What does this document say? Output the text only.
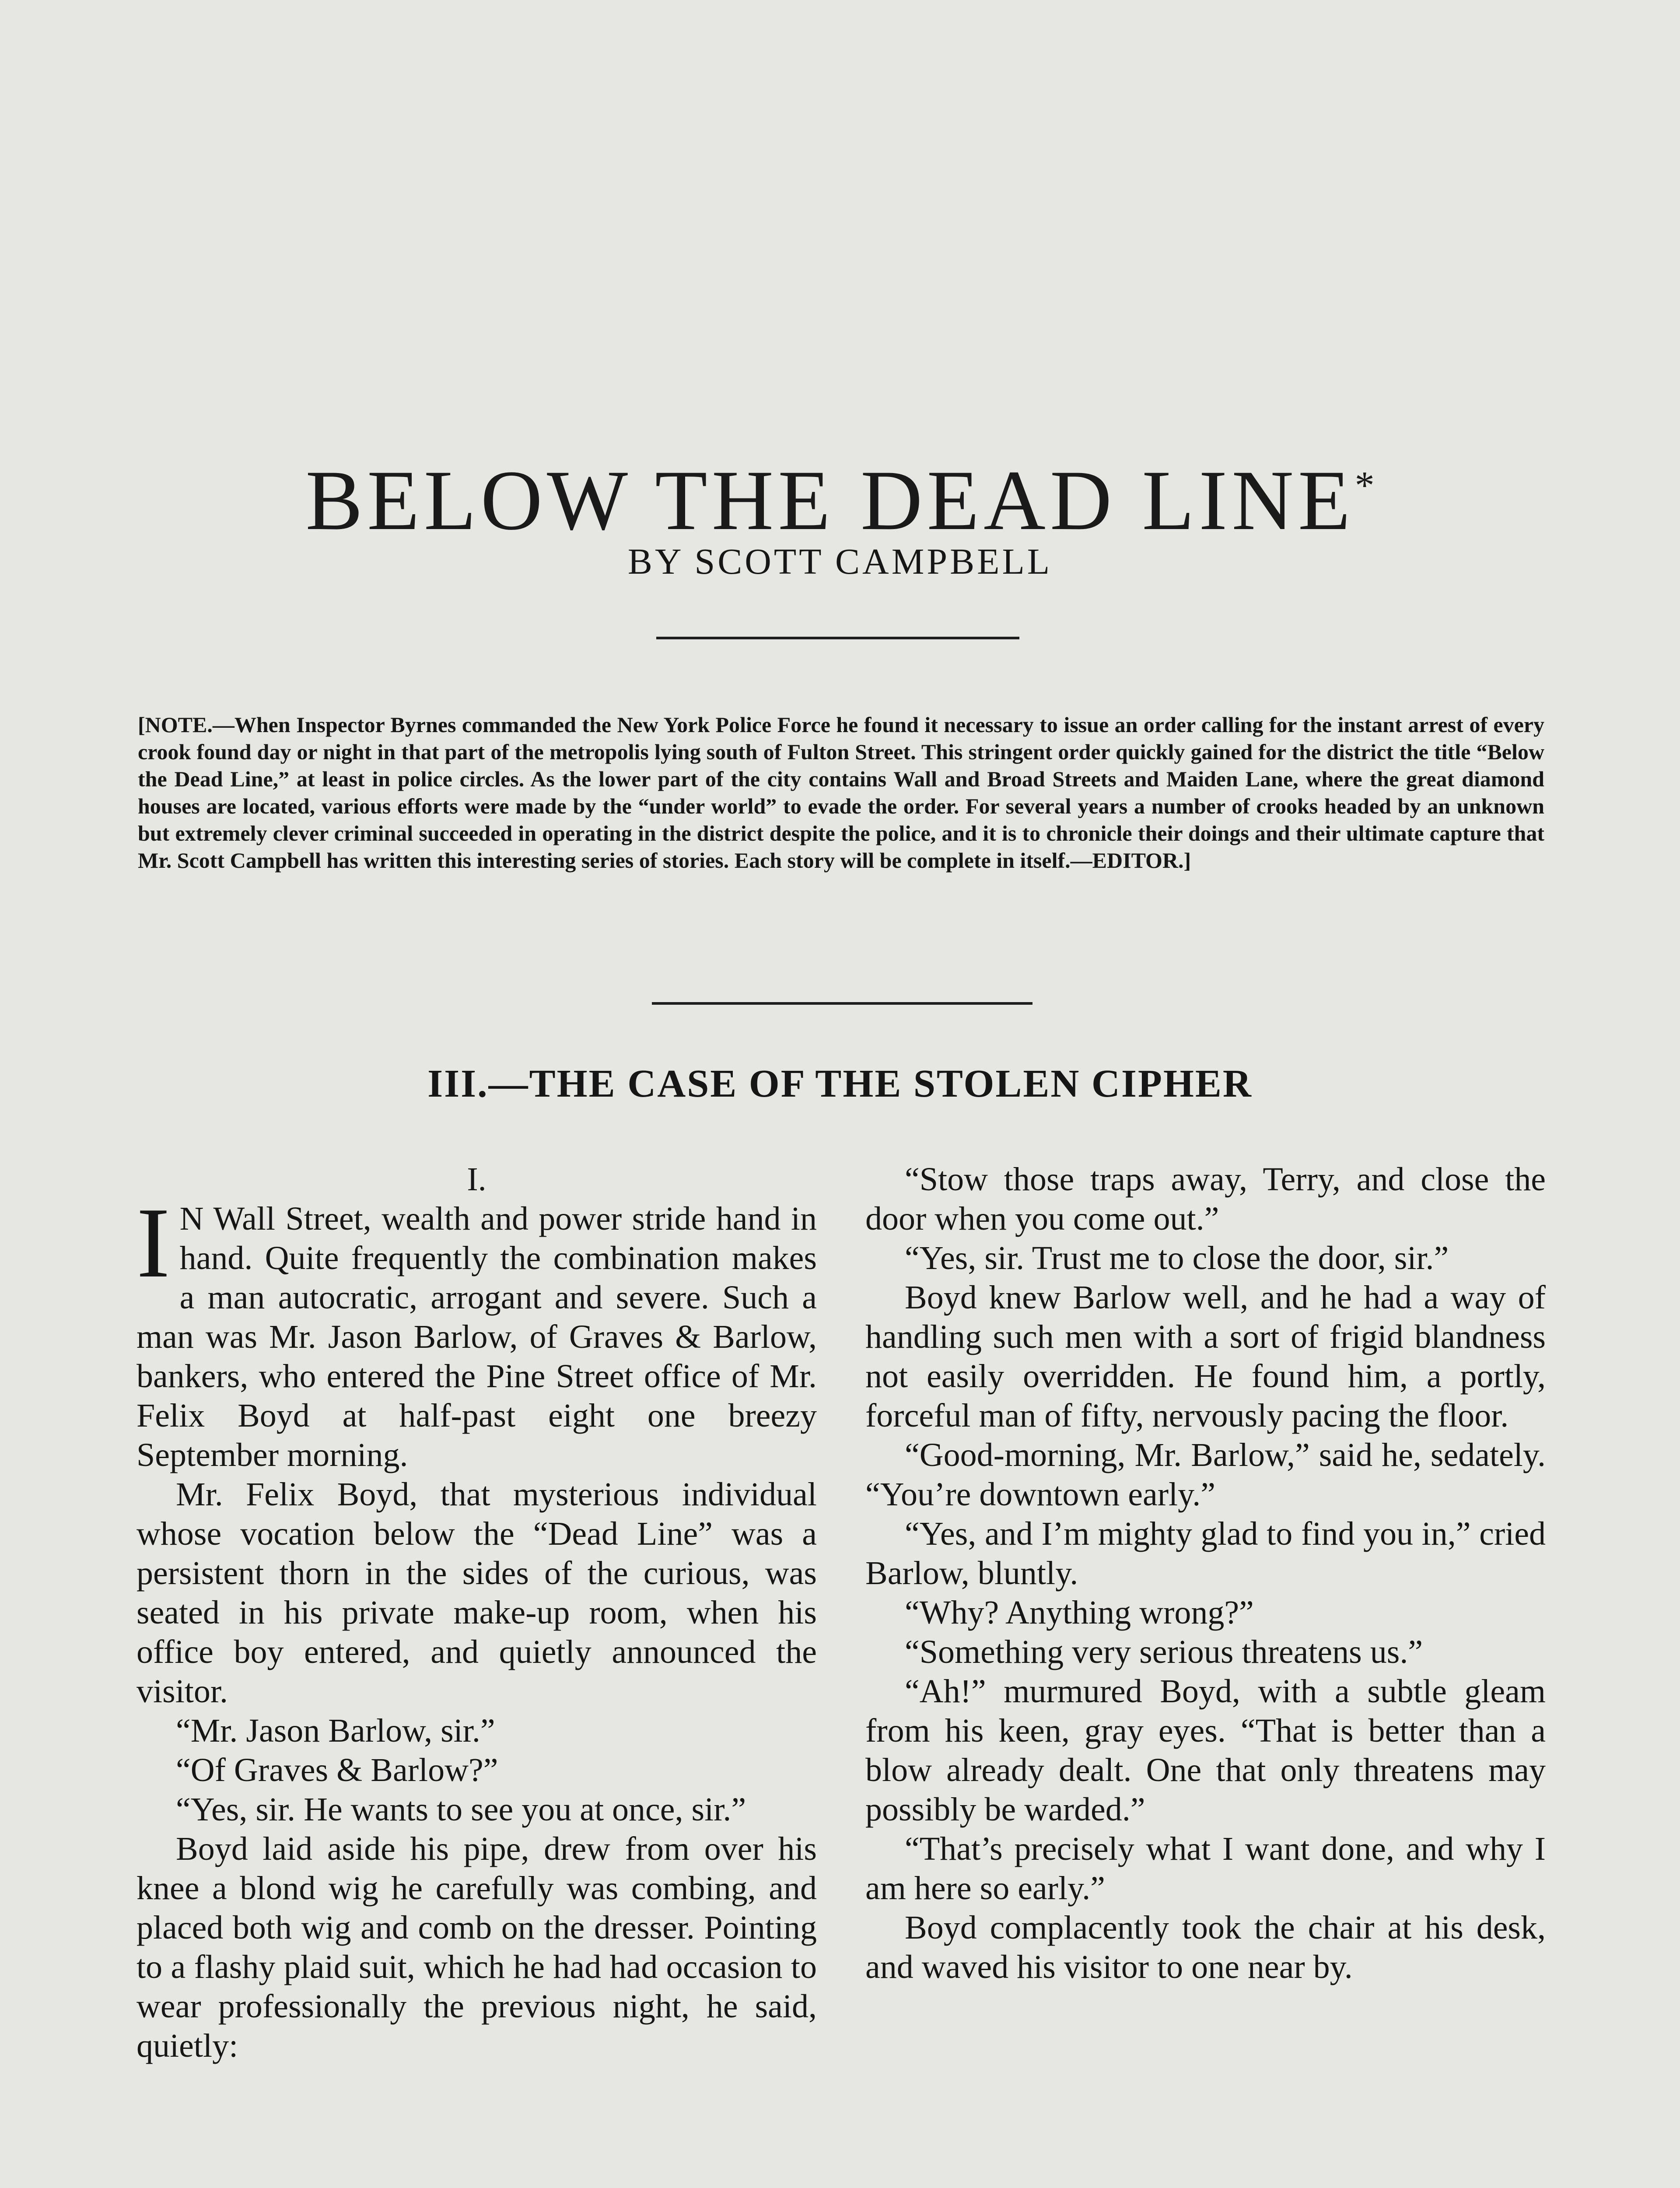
BELOW THE DEAD LINE*
BY SCOTT CAMPBELL
[NOTE.—When Inspector Byrnes commanded the New York Police Force he found it necessary to issue an order calling for the instant arrest of every crook found day or night in that part of the metropolis lying south of Fulton Street. This stringent order quickly gained for the district the title “Below the Dead Line,” at least in police circles. As the lower part of the city contains Wall and Broad Streets and Maiden Lane, where the great diamond houses are located, various efforts were made by the “under world” to evade the order. For several years a number of crooks headed by an unknown but extremely clever criminal succeeded in operating in the district despite the police, and it is to chronicle their doings and their ultimate capture that Mr. Scott Campbell has written this interesting series of stories. Each story will be complete in itself.—EDITOR.]
III.—THE CASE OF THE STOLEN CIPHER

I.

I N Wall Street, wealth and power stride hand in hand. Quite frequently the combination makes a man autocratic, arrogant and severe. Such a man was Mr. Jason Barlow, of Graves & Barlow, bankers, who entered the Pine Street office of Mr. Felix Boyd at half-past eight one breezy September morning.

Mr. Felix Boyd, that mysterious individual whose vocation below the “Dead Line” was a persistent thorn in the sides of the curious, was seated in his private make-up room, when his office boy entered, and quietly announced the visitor.

“Mr. Jason Barlow, sir.”

“Of Graves & Barlow?”

“Yes, sir. He wants to see you at once, sir.”

Boyd laid aside his pipe, drew from over his knee a blond wig he carefully was combing, and placed both wig and comb on the dresser. Pointing to a flashy plaid suit, which he had had occasion to wear professionally the previous night, he said, quietly:

“Stow those traps away, Terry, and close the door when you come out.”

“Yes, sir. Trust me to close the door, sir.”

Boyd knew Barlow well, and he had a way of handling such men with a sort of frigid blandness not easily overridden. He found him, a portly, forceful man of fifty, nervously pacing the floor.

“Good-morning, Mr. Barlow,” said he, sedately. “You’re downtown early.”

“Yes, and I’m mighty glad to find you in,” cried Barlow, bluntly.

“Why? Anything wrong?”

“Something very serious threatens us.”

“Ah!” murmured Boyd, with a subtle gleam from his keen, gray eyes. “That is better than a blow already dealt. One that only threatens may possibly be warded.”

“That’s precisely what I want done, and why I am here so early.”

Boyd complacently took the chair at his desk, and waved his visitor to one near by.
